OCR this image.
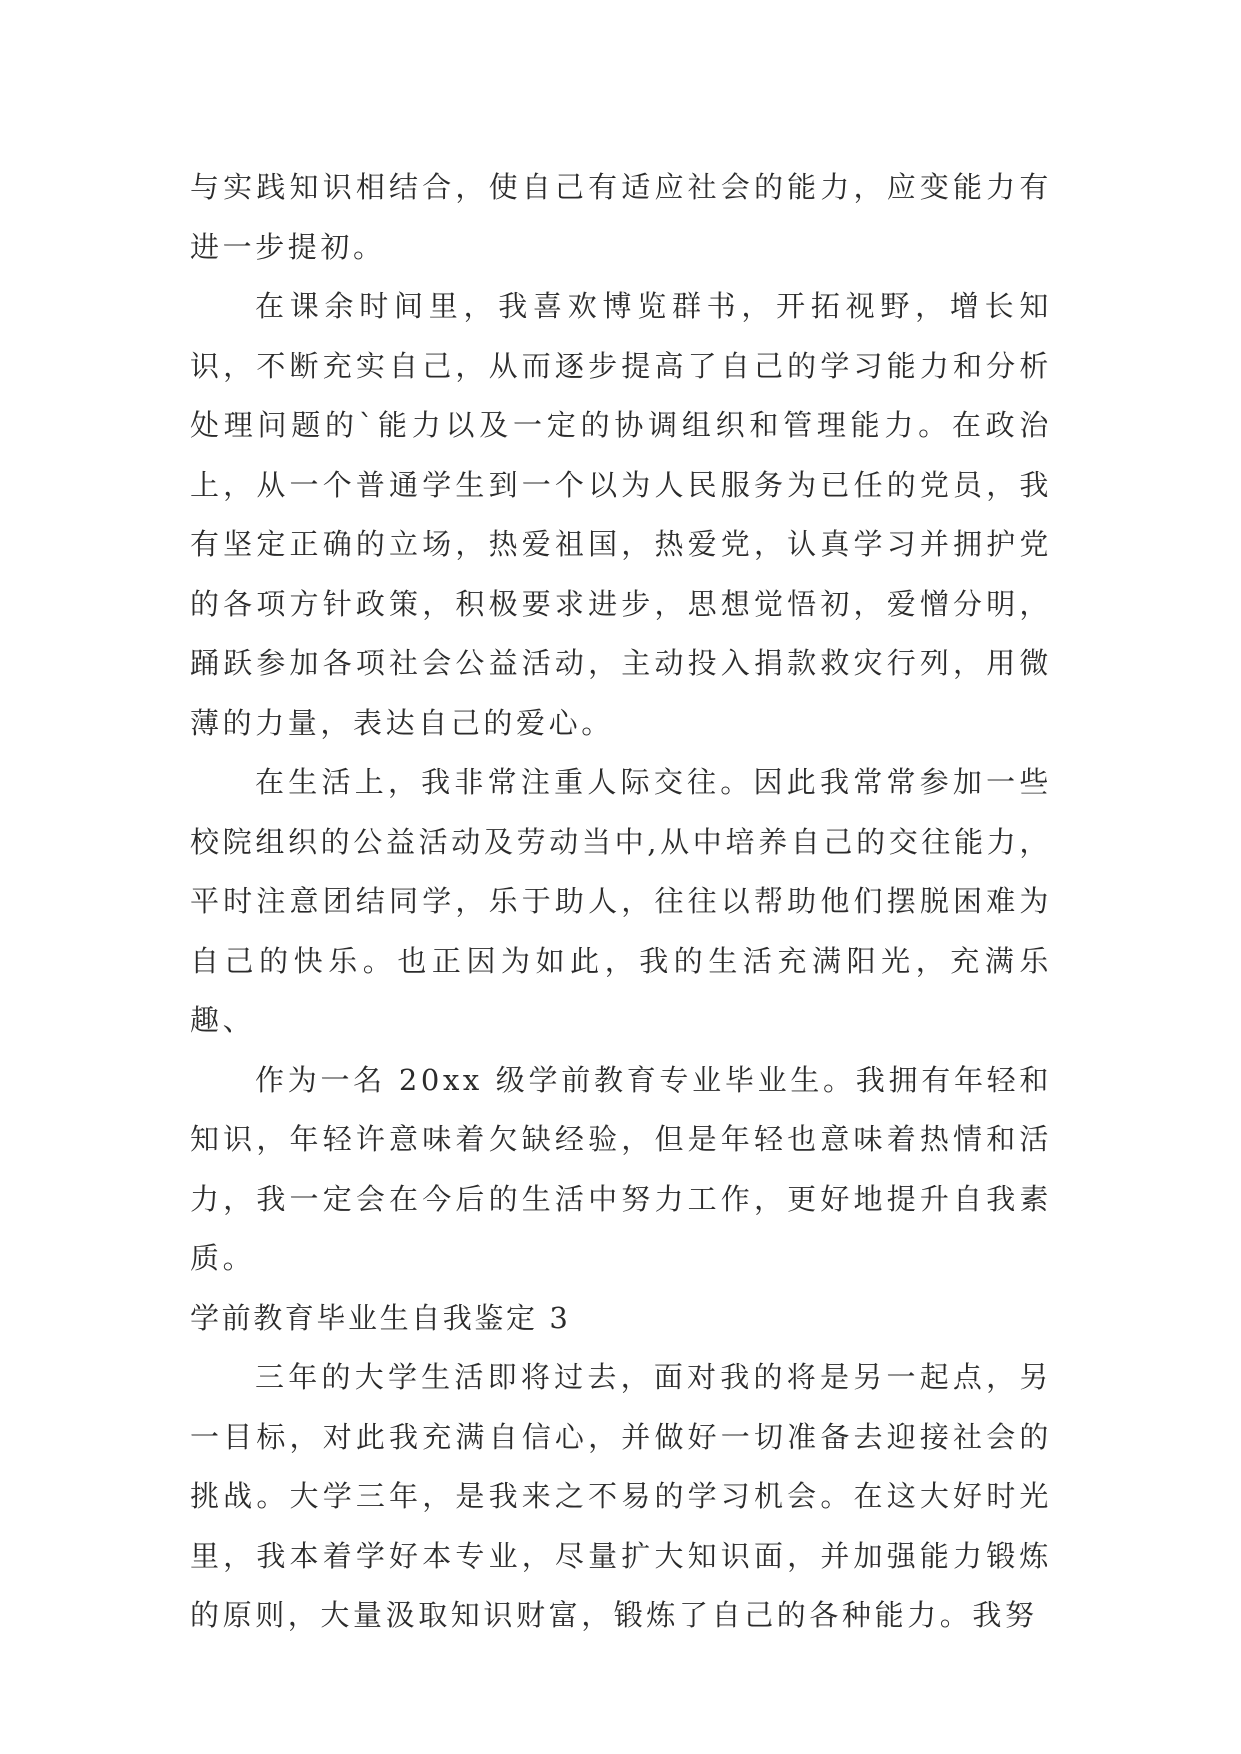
与实践知识相结合，使自己有适应社会的能力，应变能力有进一步提初。

在课余时间里，我喜欢博览群书，开拓视野，增长知识，不断充实自己，从而逐步提高了自己的学习能力和分析处理问题的`能力以及一定的协调组织和管理能力。在政治上，从一个普通学生到一个以为人民服务为已任的党员，我有坚定正确的立场，热爱祖国，热爱党，认真学习并拥护党的各项方针政策，积极要求进步，思想觉悟初，爱憎分明，踊跃参加各项社会公益活动，主动投入捐款救灾行列，用微薄的力量，表达自己的爱心。

在生活上，我非常注重人际交往。因此我常常参加一些校院组织的公益活动及劳动当中,从中培养自己的交往能力，平时注意团结同学，乐于助人，往往以帮助他们摆脱困难为自己的快乐。也正因为如此，我的生活充满阳光，充满乐趣、

作为一名 20xx 级学前教育专业毕业生。我拥有年轻和知识，年轻许意味着欠缺经验，但是年轻也意味着热情和活力，我一定会在今后的生活中努力工作，更好地提升自我素质。

学前教育毕业生自我鉴定 3

三年的大学生活即将过去，面对我的将是另一起点，另一目标，对此我充满自信心，并做好一切准备去迎接社会的挑战。大学三年，是我来之不易的学习机会。在这大好时光里，我本着学好本专业，尽量扩大知识面，并加强能力锻炼的原则，大量汲取知识财富，锻炼了自己的各种能力。我努
